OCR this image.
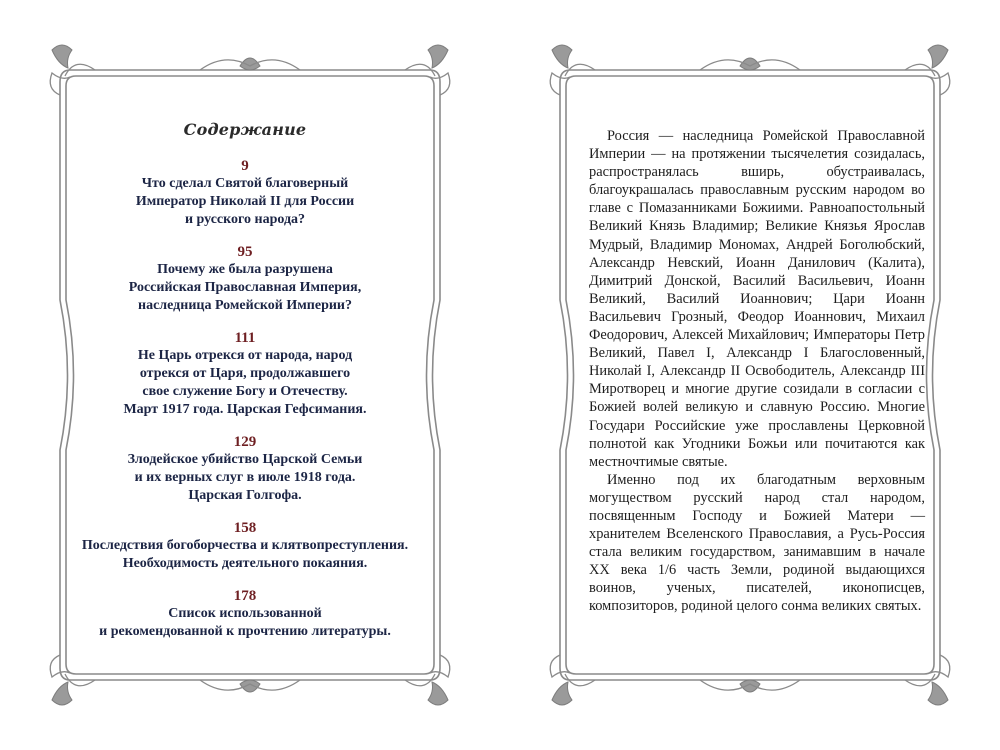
Содержание
9
Что сделал Святой благоверный
Император Николай II для России
и русского народа?
95
Почему же была разрушена
Российская Православная Империя,
наследница Ромейской Империи?
111
Не Царь отрекся от народа, народ
отрекся от Царя, продолжавшего
свое служение Богу и Отечеству.
Март 1917 года. Царская Гефсимания.
129
Злодейское убийство Царской Семьи
и их верных слуг в июле 1918 года.
Царская Голгофа.
158
Последствия богоборчества и клятвопреступления.
Необходимость деятельного покаяния.
178
Список использованной
и рекомендованной к прочтению литературы.

Россия — наследница Ромейской Православной Империи — на протяжении тысячелетия созидалась, распространялась вширь, обустраивалась, благоукрашалась православным русским народом во главе с Помазанниками Божиими. Равноапостольный Великий Князь Владимир; Великие Князья Ярослав Мудрый, Владимир Мономах, Андрей Боголюбский, Александр Невский, Иоанн Данилович (Калита), Димитрий Донской, Василий Васильевич, Иоанн Великий, Василий Иоаннович; Цари Иоанн Васильевич Грозный, Феодор Иоаннович, Михаил Феодорович, Алексей Михайлович; Императоры Петр Великий, Павел I, Александр I Благословенный, Николай I, Александр II Освободитель, Александр III Миротворец и многие другие созидали в согласии с Божией волей великую и славную Россию. Многие Государи Российские уже прославлены Церковной полнотой как Угодники Божьи или почитаются как местночтимые святые.

Именно под их благодатным верховным могуществом русский народ стал народом, посвященным Господу и Божией Матери — хранителем Вселенского Православия, а Русь-Россия стала великим государством, занимавшим в начале XX века 1/6 часть Земли, родиной выдающихся воинов, ученых, писателей, иконописцев, композиторов, родиной целого сонма великих святых.
